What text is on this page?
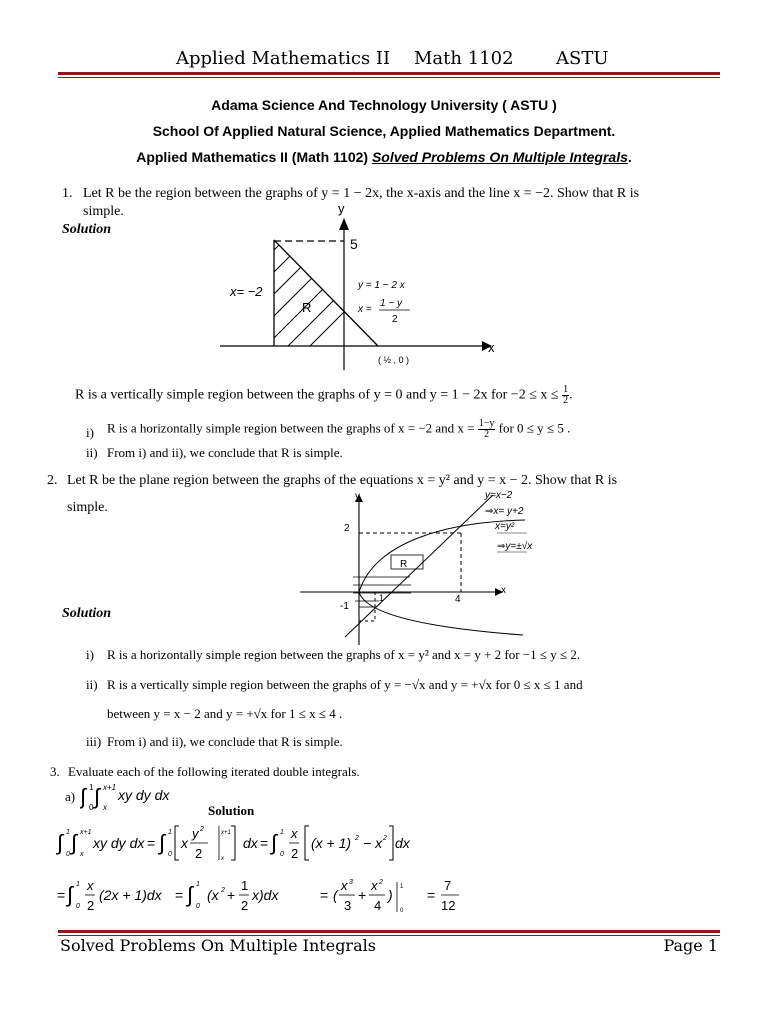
Applied Mathematics II Math 1102 ASTU
Adama Science And Technology University ( ASTU )
School Of Applied Natural Science, Applied Mathematics Department.
Applied Mathematics II (Math 1102) Solved Problems On Multiple Integrals.
1. Let R be the region between the graphs of y = 1 − 2x, the x-axis and the line x = −2. Show that R is
simple.
Solution
y
x
5
x= −2
R
y = 1 − 2 x
x =
1 − y
2
( ½ , 0 )
R is a vertically simple region between the graphs of y = 0 and y = 1 − 2x for $-2 \le x \le \frac{1}{2}$ .
i) R is a horizontally simple region between the graphs of x = −2 and $x = \frac{1-y}{2}$ for 0 ≤ y ≤ 5 .
ii) From i) and ii), we conclude that R is simple.
2. Let R be the plane region between the graphs of the equations x = y² and y = x − 2. Show that R is
simple.
Solution
y
x
2
-1
4
1
R
y=x−2
⇒x= y+2
x=y²
⇒y=±√x
i) R is a horizontally simple region between the graphs of x = y² and x = y + 2 for −1 ≤ y ≤ 2.
ii) R is a vertically simple region between the graphs of y = −√x and y = +√x for 0 ≤ x ≤ 1 and
between y = x − 2 and y = +√x for 1 ≤ x ≤ 4 .
iii) From i) and ii), we conclude that R is simple.
3. Evaluate each of the following iterated double integrals.
a) ∫ 0
1 ∫ x
x+1 xy dy dx
Solution
∫ 0
1 ∫ x
x+1
xy dy dx = ∫ 0
1
x
y 2
2
x+1
x
dx = ∫ 0
1 x
2
(x + 1) 2 − x 2 dx
= ∫ 0
1 x
2
(2x + 1)dx = ∫ 0
1
(x 2 +
1
2
x)dx	= (
x 3
3
+
x 2
4
) 1
0
=
7
12
Solved Problems On Multiple Integrals	Page 1
